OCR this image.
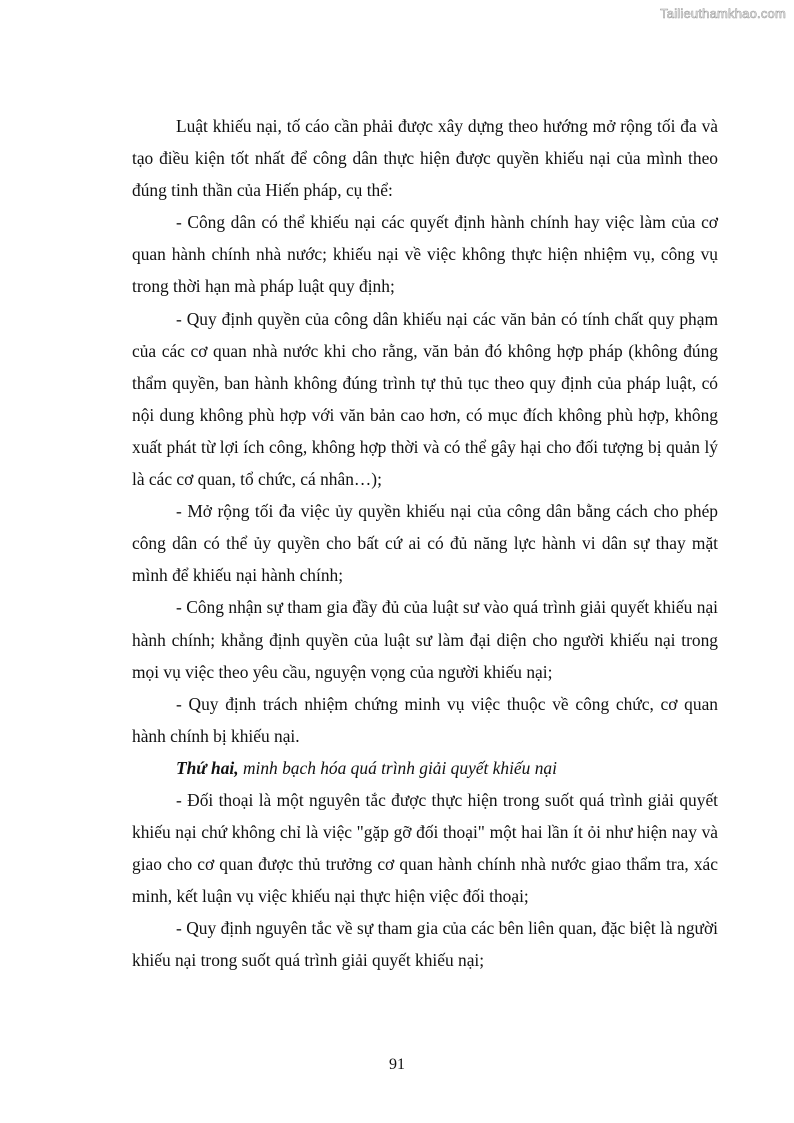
Tailieuthamkhao.com

Luật khiếu nại, tố cáo cần phải được xây dựng theo hướng mở rộng tối đa và tạo điều kiện tốt nhất để công dân thực hiện được quyền khiếu nại của mình theo đúng tinh thần của Hiến pháp, cụ thể:

- Công dân có thể khiếu nại các quyết định hành chính hay việc làm của cơ quan hành chính nhà nước; khiếu nại về việc không thực hiện nhiệm vụ, công vụ trong thời hạn mà pháp luật quy định;

- Quy định quyền của công dân khiếu nại các văn bản có tính chất quy phạm của các cơ quan nhà nước khi cho rằng, văn bản đó không hợp pháp (không đúng thẩm quyền, ban hành không đúng trình tự thủ tục theo quy định của pháp luật, có nội dung không phù hợp với văn bản cao hơn, có mục đích không phù hợp, không xuất phát từ lợi ích công, không hợp thời và có thể gây hại cho đối tượng bị quản lý là các cơ quan, tổ chức, cá nhân…);

- Mở rộng tối đa việc ủy quyền khiếu nại của công dân bằng cách cho phép công dân có thể ủy quyền cho bất cứ ai có đủ năng lực hành vi dân sự thay mặt mình để khiếu nại hành chính;

- Công nhận sự tham gia đầy đủ của luật sư vào quá trình giải quyết khiếu nại hành chính; khẳng định quyền của luật sư làm đại diện cho người khiếu nại trong mọi vụ việc theo yêu cầu, nguyện vọng của người khiếu nại;

- Quy định trách nhiệm chứng minh vụ việc thuộc về công chức, cơ quan hành chính bị khiếu nại.

Thứ hai, minh bạch hóa quá trình giải quyết khiếu nại

- Đối thoại là một nguyên tắc được thực hiện trong suốt quá trình giải quyết khiếu nại chứ không chỉ là việc "gặp gỡ đối thoại" một hai lần ít ỏi như hiện nay và giao cho cơ quan được thủ trưởng cơ quan hành chính nhà nước giao thẩm tra, xác minh, kết luận vụ việc khiếu nại thực hiện việc đối thoại;

- Quy định nguyên tắc về sự tham gia của các bên liên quan, đặc biệt là người khiếu nại trong suốt quá trình giải quyết khiếu nại;

91
